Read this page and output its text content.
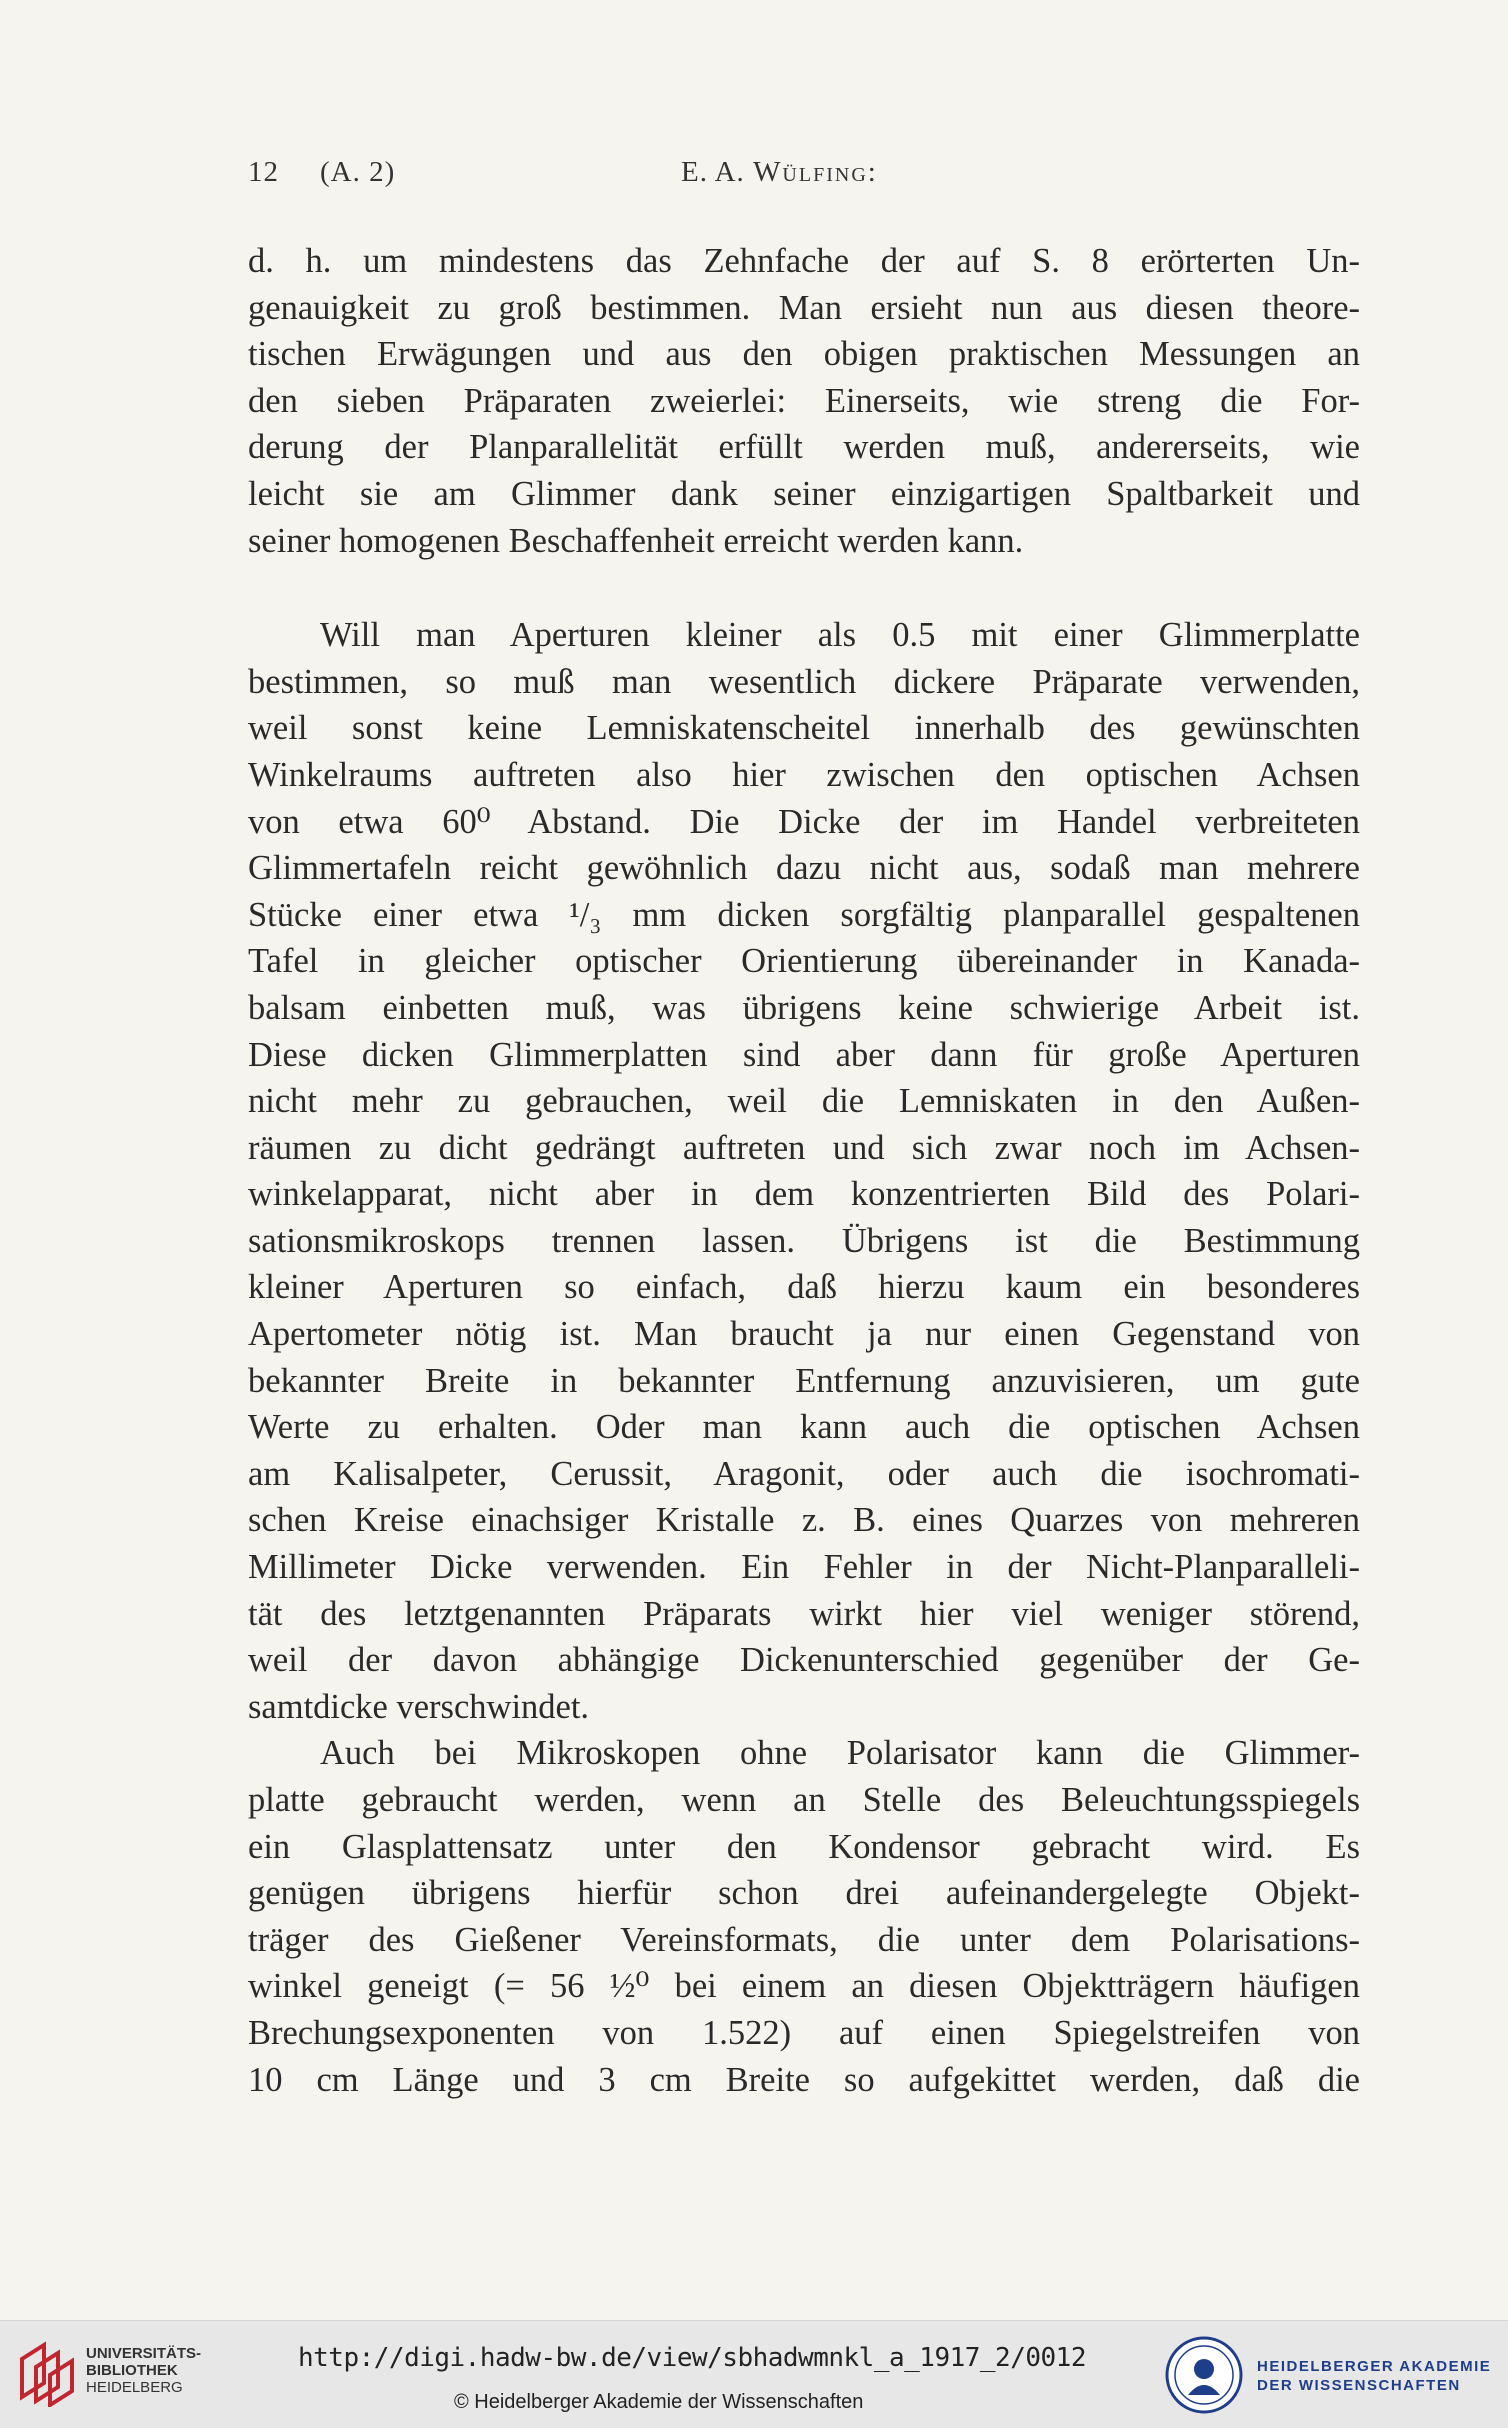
12 (A. 2)	E. A. Wülfing:

d. h. um mindestens das Zehnfache der auf S. 8 erörterten Un-
genauigkeit zu groß bestimmen. Man ersieht nun aus diesen theore-
tischen Erwägungen und aus den obigen praktischen Messungen an
den sieben Präparaten zweierlei: Einerseits, wie streng die For-
derung der Planparallelität erfüllt werden muß, andererseits, wie
leicht sie am Glimmer dank seiner einzigartigen Spaltbarkeit und
seiner homogenen Beschaffenheit erreicht werden kann.

Will man Aperturen kleiner als 0.5 mit einer Glimmerplatte
bestimmen, so muß man wesentlich dickere Präparate verwenden,
weil sonst keine Lemniskatenscheitel innerhalb des gewünschten
Winkelraums auftreten also hier zwischen den optischen Achsen
von etwa 60⁰ Abstand. Die Dicke der im Handel verbreiteten
Glimmertafeln reicht gewöhnlich dazu nicht aus, sodaß man mehrere
Stücke einer etwa ¹/₃ mm dicken sorgfältig planparallel gespaltenen
Tafel in gleicher optischer Orientierung übereinander in Kanada-
balsam einbetten muß, was übrigens keine schwierige Arbeit ist.
Diese dicken Glimmerplatten sind aber dann für große Aperturen
nicht mehr zu gebrauchen, weil die Lemniskaten in den Außen-
räumen zu dicht gedrängt auftreten und sich zwar noch im Achsen-
winkelapparat, nicht aber in dem konzentrierten Bild des Polari-
sationsmikroskops trennen lassen. Übrigens ist die Bestimmung
kleiner Aperturen so einfach, daß hierzu kaum ein besonderes
Apertometer nötig ist. Man braucht ja nur einen Gegenstand von
bekannter Breite in bekannter Entfernung anzuvisieren, um gute
Werte zu erhalten. Oder man kann auch die optischen Achsen
am Kalisalpeter, Cerussit, Aragonit, oder auch die isochromati-
schen Kreise einachsiger Kristalle z. B. eines Quarzes von mehreren
Millimeter Dicke verwenden. Ein Fehler in der Nicht-Planparalleli-
tät des letztgenannten Präparats wirkt hier viel weniger störend,
weil der davon abhängige Dickenunterschied gegenüber der Ge-
samtdicke verschwindet.

Auch bei Mikroskopen ohne Polarisator kann die Glimmer-
platte gebraucht werden, wenn an Stelle des Beleuchtungsspiegels
ein Glasplattensatz unter den Kondensor gebracht wird. Es
genügen übrigens hierfür schon drei aufeinandergelegte Objekt-
träger des Gießener Vereinsformats, die unter dem Polarisations-
winkel geneigt (= 56 ½⁰ bei einem an diesen Objektträgern häufigen
Brechungsexponenten von 1.522) auf einen Spiegelstreifen von
10 cm Länge und 3 cm Breite so aufgekittet werden, daß die

UNIVERSITÄTS-
BIBLIOTHEK
HEIDELBERG
http://digi.hadw-bw.de/view/sbhadwmnkl_a_1917_2/0012
© Heidelberger Akademie der Wissenschaften
HEIDELBERGER AKADEMIE
DER WISSENSCHAFTEN
